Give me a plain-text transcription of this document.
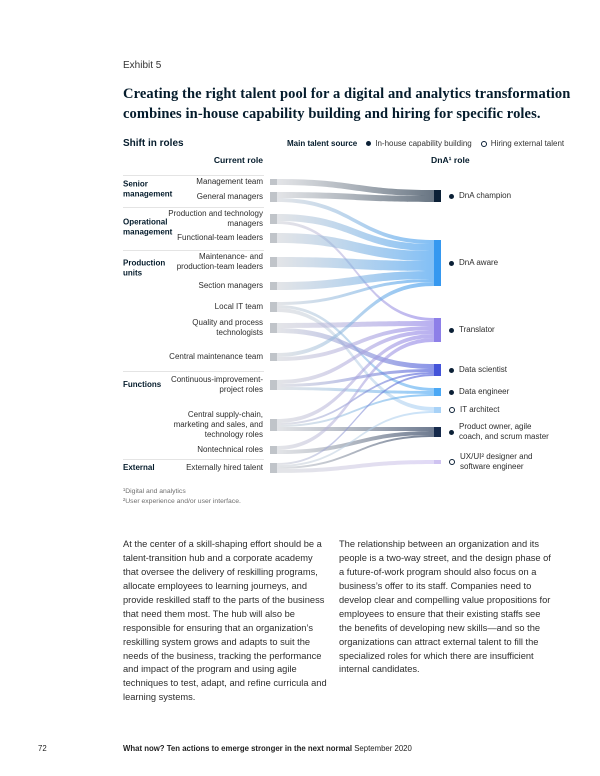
Exhibit 5
Creating the right talent pool for a digital and analytics transformation combines in-house capability building and hiring for specific roles.
Shift in roles	Main talent source In-house capability building Hiring external talent
Current role	DnA¹ role
Senior management
Operational management
Production units
Functions
External
Management team
General managers
Production and technology managers
Functional-team leaders
Maintenance- and production-team leaders
Section managers
Local IT team
Quality and process technologists
Central maintenance team
Continuous-improvement-project roles
Central supply-chain, marketing and sales, and technology roles
Nontechnical roles
Externally hired talent
DnA champion
DnA aware
Translator
Data scientist
Data engineer
IT architect
Product owner, agile coach, and scrum master
UX/UI² designer and software engineer
¹Digital and analytics
²User experience and/or user interface.

At the center of a skill-shaping effort should be a talent-transition hub and a corporate academy that oversee the delivery of reskilling programs, allocate employees to learning journeys, and provide reskilled staff to the parts of the business that need them most. The hub will also be responsible for ensuring that an organization’s reskilling system grows and adapts to suit the needs of the business, tracking the performance and impact of the program and using agile techniques to test, adapt, and refine curricula and learning systems.

The relationship between an organization and its people is a two-way street, and the design phase of a future-of-work program should also focus on a business’s offer to its staff. Companies need to develop clear and compelling value propositions for employees to ensure that their existing staffs see the benefits of developing new skills—and so the organizations can attract external talent to fill the specialized roles for which there are insufficient internal candidates.

72	What now? Ten actions to emerge stronger in the next normal September 2020
